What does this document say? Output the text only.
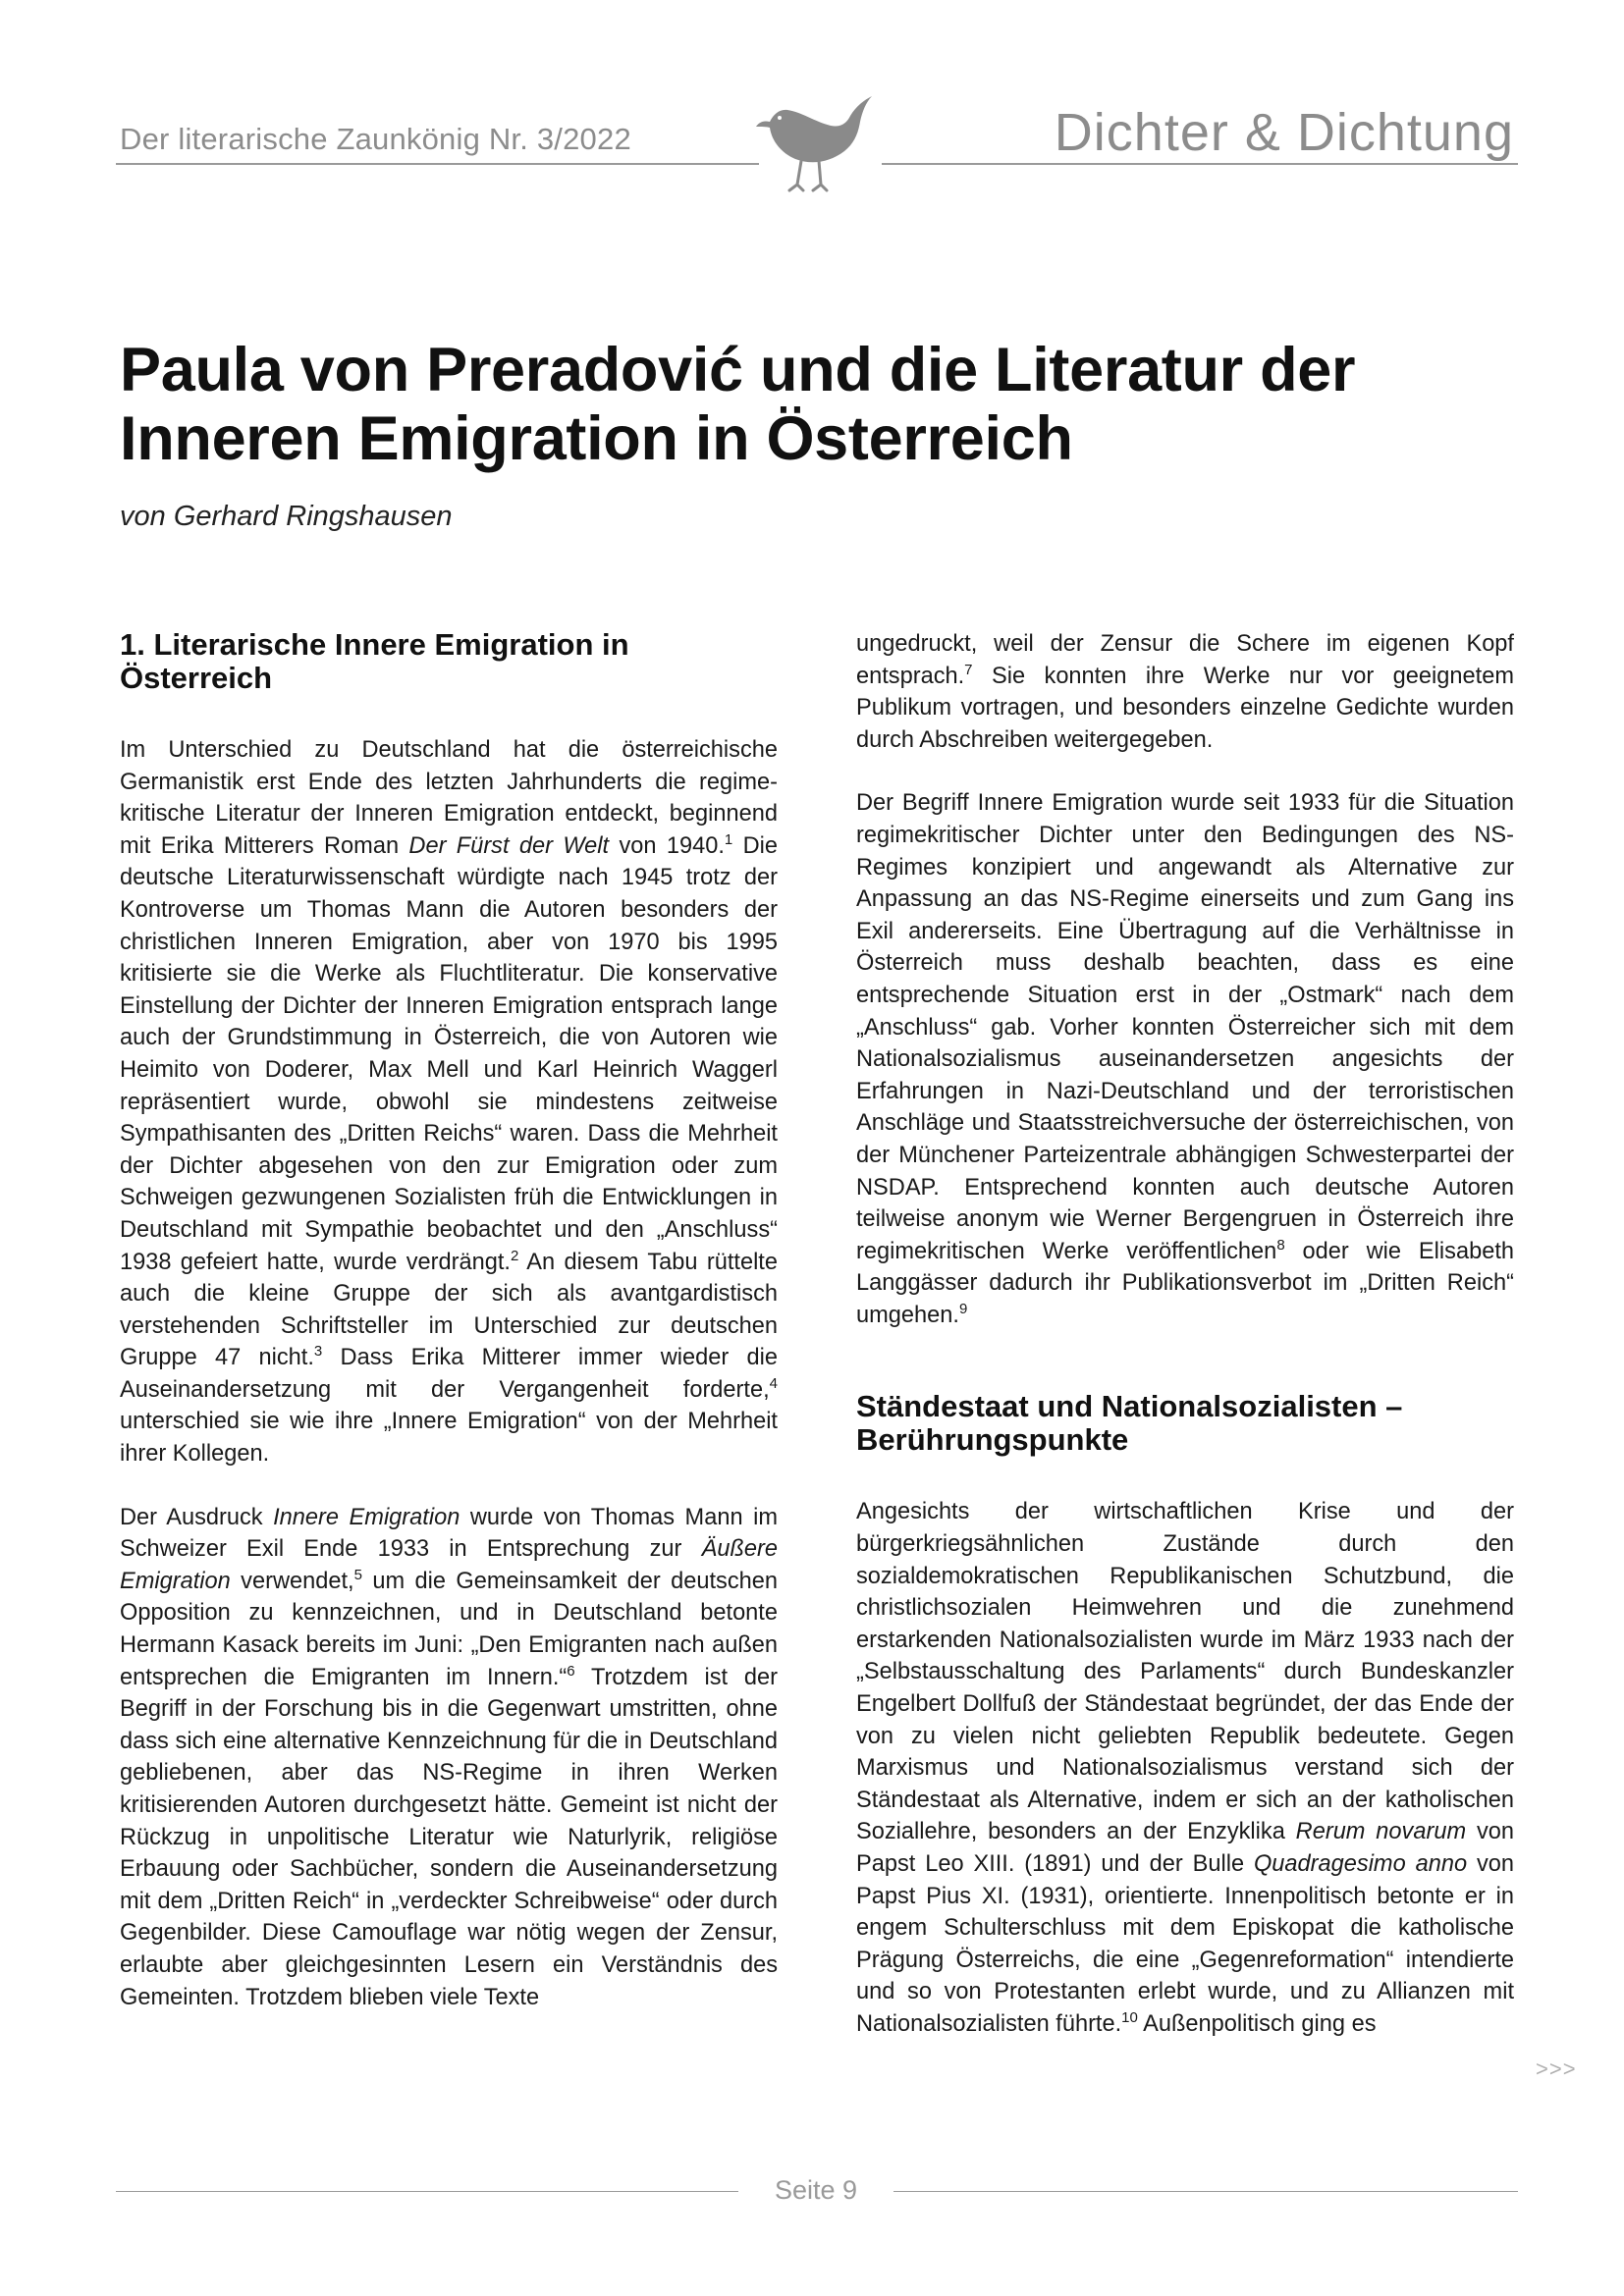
Der literarische Zaunkönig Nr. 3/2022	Dichter & Dichtung
Paula von Preradović und die Literatur der
Inneren Emigration in Österreich
von Gerhard Ringshausen
1. Literarische Innere Emigration in Österreich

Im Unterschied zu Deutschland hat die österreichische Germanistik erst Ende des letzten Jahrhunderts die regime-kritische Literatur der Inneren Emigration entdeckt, beginnend mit Erika Mitterers Roman Der Fürst der Welt von 1940.$^1$ Die deutsche Literaturwissenschaft würdigte nach 1945 trotz der Kontroverse um Thomas Mann die Autoren besonders der christlichen Inneren Emigration, aber von 1970 bis 1995 kritisierte sie die Werke als Fluchtliteratur. Die konservative Einstellung der Dichter der Inneren Emigration entsprach lange auch der Grundstimmung in Österreich, die von Autoren wie Heimito von Doderer, Max Mell und Karl Heinrich Waggerl repräsentiert wurde, obwohl sie mindestens zeitweise Sympathisanten des „Dritten Reichs“ waren. Dass die Mehrheit der Dichter abgesehen von den zur Emigration oder zum Schweigen gezwungenen Sozialisten früh die Entwicklungen in Deutschland mit Sympathie beobachtet und den „Anschluss“ 1938 gefeiert hatte, wurde verdrängt.$^2$ An diesem Tabu rüttelte auch die kleine Gruppe der sich als avantgardistisch verstehenden Schriftsteller im Unterschied zur deutschen Gruppe 47 nicht.$^3$ Dass Erika Mitterer immer wieder die Auseinandersetzung mit der Vergangenheit forderte,$^4$ unterschied sie wie ihre „Innere Emigration“ von der Mehrheit ihrer Kollegen.

Der Ausdruck Innere Emigration wurde von Thomas Mann im Schweizer Exil Ende 1933 in Entsprechung zur Äußere Emigration verwendet,$^5$ um die Gemeinsamkeit der deutschen Opposition zu kennzeichnen, und in Deutschland betonte Hermann Kasack bereits im Juni: „Den Emigranten nach außen entsprechen die Emigranten im Innern.“$^6$ Trotzdem ist der Begriff in der Forschung bis in die Gegenwart umstritten, ohne dass sich eine alternative Kennzeichnung für die in Deutschland gebliebenen, aber das NS-Regime in ihren Werken kritisierenden Autoren durchgesetzt hätte. Gemeint ist nicht der Rückzug in unpolitische Literatur wie Naturlyrik, religiöse Erbauung oder Sachbücher, sondern die Auseinandersetzung mit dem „Dritten Reich“ in „verdeckter Schreibweise“ oder durch Gegenbilder. Diese Camouflage war nötig wegen der Zensur, erlaubte aber gleichgesinnten Lesern ein Verständnis des Gemeinten. Trotzdem blieben viele Texte

ungedruckt, weil der Zensur die Schere im eigenen Kopf entsprach.$^7$ Sie konnten ihre Werke nur vor geeignetem Publikum vortragen, und besonders einzelne Gedichte wurden durch Abschreiben weitergegeben.

Der Begriff Innere Emigration wurde seit 1933 für die Situation regimekritischer Dichter unter den Bedingungen des NS-Regimes konzipiert und angewandt als Alternative zur Anpassung an das NS-Regime einerseits und zum Gang ins Exil andererseits. Eine Übertragung auf die Verhältnisse in Österreich muss deshalb beachten, dass es eine entsprechende Situation erst in der „Ostmark“ nach dem „Anschluss“ gab. Vorher konnten Österreicher sich mit dem Nationalsozialismus auseinandersetzen angesichts der Erfahrungen in Nazi-Deutschland und der terroristischen Anschläge und Staatsstreichversuche der österreichischen, von der Münchener Parteizentrale abhängigen Schwesterpartei der NSDAP. Entsprechend konnten auch deutsche Autoren teilweise anonym wie Werner Bergengruen in Österreich ihre regimekritischen Werke veröffentlichen$^8$ oder wie Elisabeth Langgässer dadurch ihr Publikationsverbot im „Dritten Reich“ umgehen.$^9$

Ständestaat und Nationalsozialisten – Berührungspunkte

Angesichts der wirtschaftlichen Krise und der bürgerkriegsähnlichen Zustände durch den sozialdemokratischen Republikanischen Schutzbund, die christlichsozialen Heimwehren und die zunehmend erstarkenden Nationalsozialisten wurde im März 1933 nach der „Selbstausschaltung des Parlaments“ durch Bundeskanzler Engelbert Dollfuß der Ständestaat begründet, der das Ende der von zu vielen nicht geliebten Republik bedeutete. Gegen Marxismus und Nationalsozialismus verstand sich der Ständestaat als Alternative, indem er sich an der katholischen Soziallehre, besonders an der Enzyklika Rerum novarum von Papst Leo XIII. (1891) und der Bulle Quadragesimo anno von Papst Pius XI. (1931), orientierte. Innenpolitisch betonte er in engem Schulterschluss mit dem Episkopat die katholische Prägung Österreichs, die eine „Gegenreformation“ intendierte und so von Protestanten erlebt wurde, und zu Allianzen mit Nationalsozialisten führte.$^{10}$ Außenpolitisch ging es

>>>
Seite 9
